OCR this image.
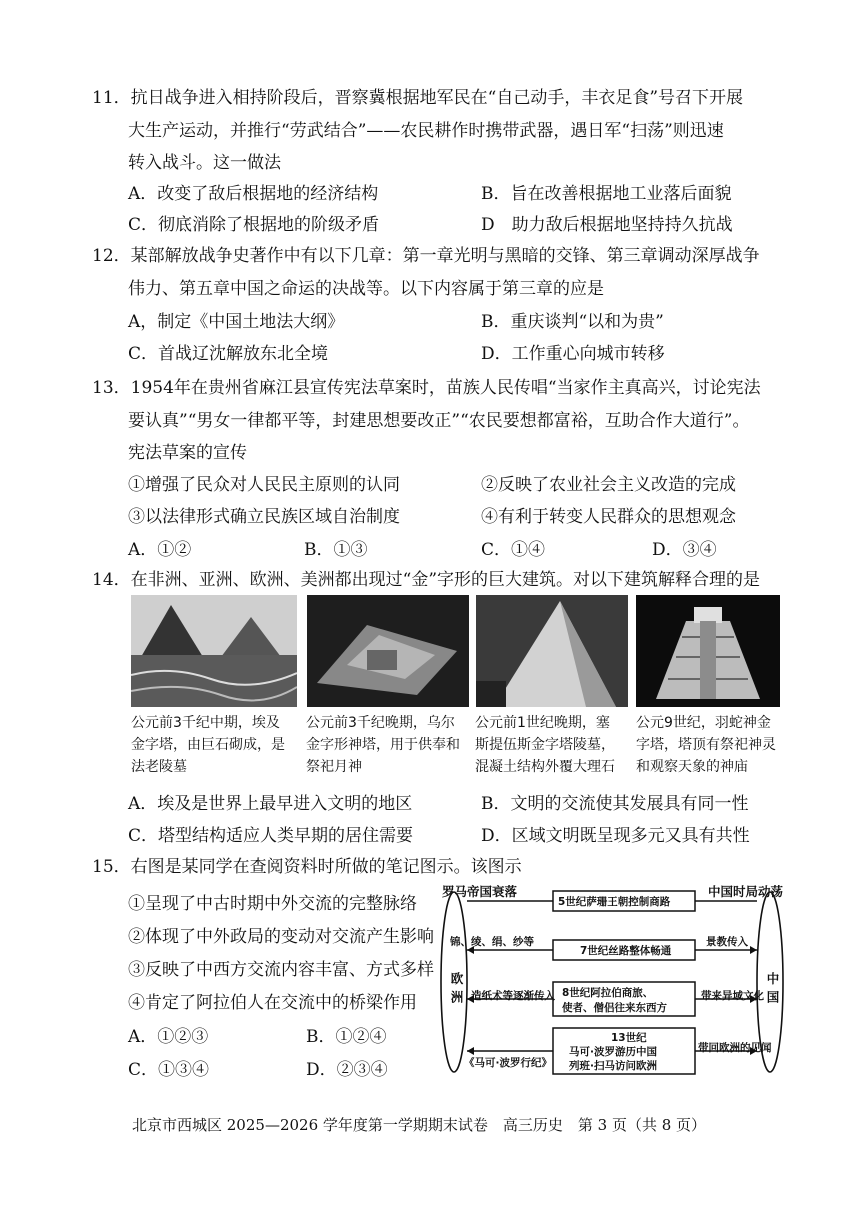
11．抗日战争进入相持阶段后，晋察冀根据地军民在“自己动手，丰衣足食”号召下开展
大生产运动，并推行“劳武结合”——农民耕作时携带武器，遇日军“扫荡”则迅速
转入战斗。这一做法
A．改变了敌后根据地的经济结构	B．旨在改善根据地工业落后面貌
C．彻底消除了根据地的阶级矛盾	D　助力敌后根据地坚持持久抗战
12．某部解放战争史著作中有以下几章：第一章光明与黑暗的交锋、第三章调动深厚战争
伟力、第五章中国之命运的决战等。以下内容属于第三章的应是
A，制定《中国土地法大纲》	B．重庆谈判“以和为贵”
C．首战辽沈解放东北全境	D．工作重心向城市转移
13．1954年在贵州省麻江县宣传宪法草案时，苗族人民传唱“当家作主真高兴，讨论宪法
要认真”“男女一律都平等，封建思想要改正”“农民要想都富裕，互助合作大道行”。
宪法草案的宣传
①增强了民众对人民民主原则的认同	②反映了农业社会主义改造的完成
③以法律形式确立民族区域自治制度	④有利于转变人民群众的思想观念
A．①②	B．①③	C．①④	D．③④
14．在非洲、亚洲、欧洲、美洲都出现过“金”字形的巨大建筑。对以下建筑解释合理的是
公元前3千纪中期，埃及
金字塔，由巨石砌成，是
法老陵墓
公元前3千纪晚期，乌尔
金字形神塔，用于供奉和
祭祀月神
公元前1世纪晚期，塞
斯提伍斯金字塔陵墓，
混凝土结构外覆大理石
公元9世纪，羽蛇神金
字塔，塔顶有祭祀神灵
和观察天象的神庙
A．埃及是世界上最早进入文明的地区	B．文明的交流使其发展具有同一性
C．塔型结构适应人类早期的居住需要	D．区域文明既呈现多元又具有共性
15．右图是某同学在查阅资料时所做的笔记图示。该图示
①呈现了中古时期中外交流的完整脉络
②体现了中外政局的变动对交流产生影响
③反映了中西方交流内容丰富、方式多样
④肯定了阿拉伯人在交流中的桥梁作用
A．①②③	B．①②④
C．①③④	D．②③④
罗马帝国衰落	中国时局动荡
5世纪萨珊王朝控制商路
锦、绫、绢、纱等
7世纪丝路整体畅通
景教传入
造纸术等逐渐传入 8世纪阿拉伯商旅、
使者、僧侣往来东西方
带来异域文化
13世纪
马可·波罗游历中国
列班·扫马访问欧洲
《马可·波罗行纪》
带回欧洲的见闻
欧洲	中国
北京市西城区 2025—2026 学年度第一学期期末试卷　高三历史　第 3 页（共 8 页）
